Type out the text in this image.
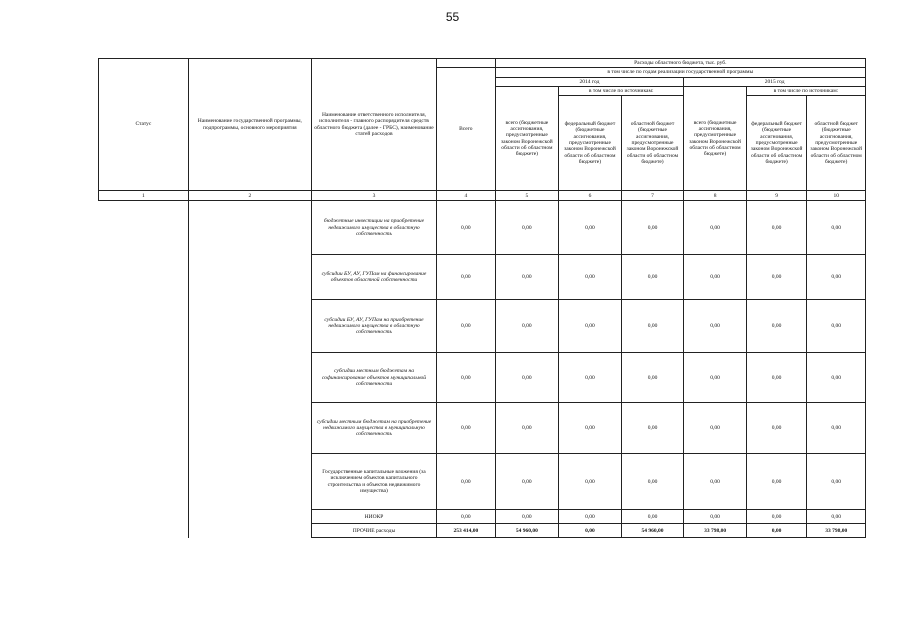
55
Статус	Наименование государственной программы, подпрограммы, основного мероприятия	Наименование ответственного исполнителя, исполнителя - главного распорядителя средств областного бюджета (далее - ГРБС), наименование статей расходов		Расходы областного бюджета, тыс. руб.					
			Всего	в том числе по годам реализации государственной программы					
				2014 год			2015 год		
				всего (бюджетные ассигнования, предусмотренные законом Воронежской области об областном бюджете)	в том числе по источникам:		всего (бюджетные ассигнования, предусмотренные законом Воронежской области об областном бюджете)	в том числе по источникам:	
					федеральный бюджет (бюджетные ассигнования, предусмотренные законом Воронежской области об областном бюджете)	областной бюджет (бюджетные ассигнования, предусмотренные законом Воронежской области об областном бюджете)		федеральный бюджет (бюджетные ассигнования, предусмотренные законом Воронежской области об областном бюджете)	областной бюджет (бюджетные ассигнования, предусмотренные законом Воронежской области об областном бюджете)
1	2	3	4	5	6	7	8	9	10
		бюджетные инвестиции на приобретение недвижимого имущества в областную собственность	0,00	0,00	0,00	0,00	0,00	0,00	0,00
		субсидии БУ, АУ, ГУПам на финансирование объектов областной собственности	0,00	0,00	0,00	0,00	0,00	0,00	0,00
		субсидии БУ, АУ, ГУПам на приобретение недвижимого имущества в областную собственность	0,00	0,00	0,00	0,00	0,00	0,00	0,00
		субсидии местным бюджетам на софинансирование объектов муниципальной собственности	0,00	0,00	0,00	0,00	0,00	0,00	0,00
		субсидии местным бюджетам на приобретение недвижимого имущества в муниципальную собственность	0,00	0,00	0,00	0,00	0,00	0,00	0,00
		Государственные капитальные вложения (за исключением объектов капитального строительства и объектов недвижимого имущества)	0,00	0,00	0,00	0,00	0,00	0,00	0,00
		НИОКР	0,00	0,00	0,00	0,00	0,00	0,00	0,00
		ПРОЧИЕ расходы	253 414,00	54 960,00	0,00	54 960,00	33 798,00	0,00	33 798,00
